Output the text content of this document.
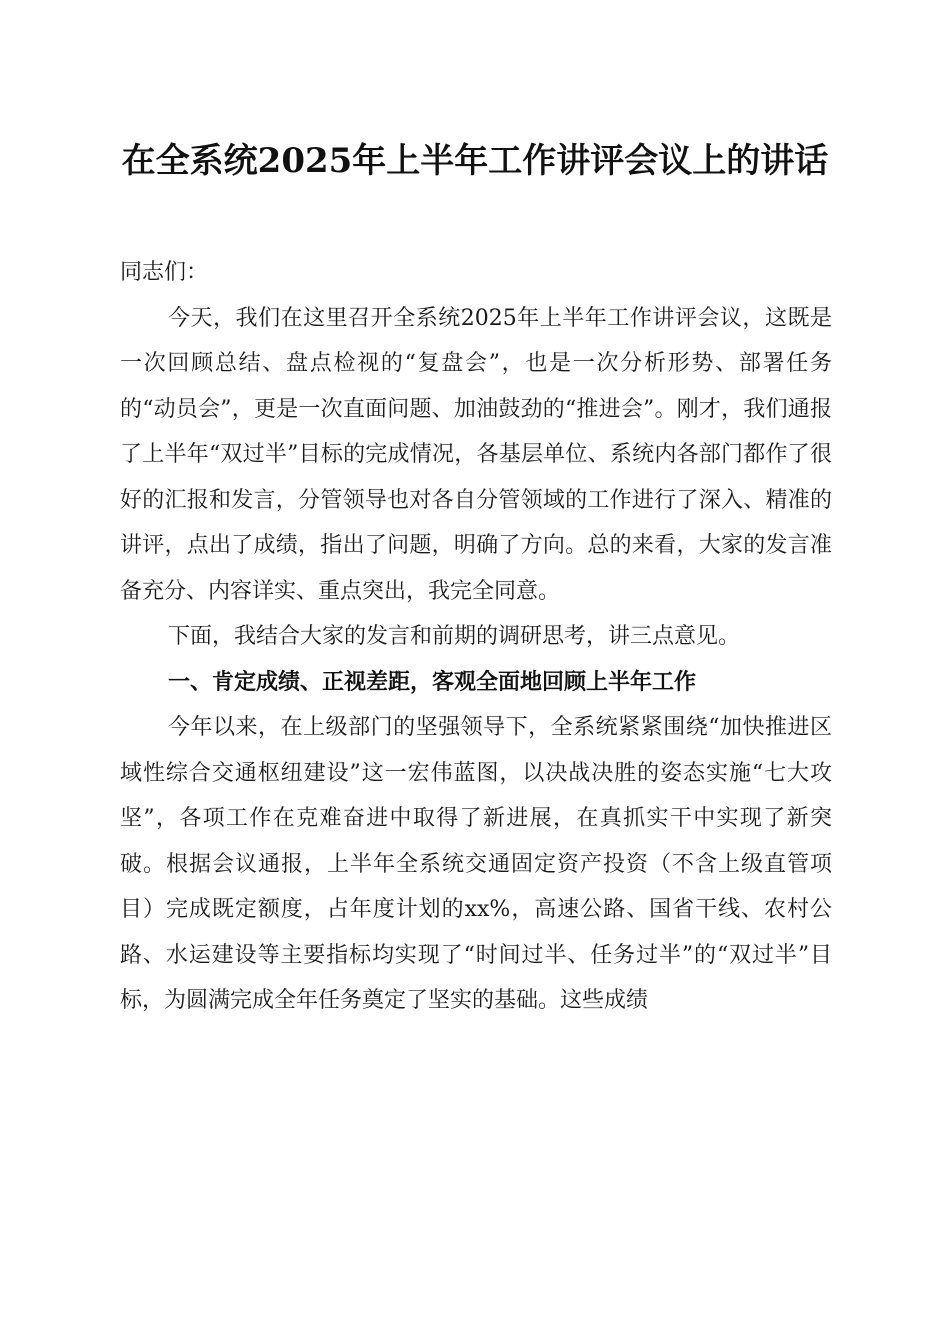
在全系统2025年上半年工作讲评会议上的讲话

同志们：

今天，我们在这里召开全系统2025年上半年工作讲评会议，这既是一次回顾总结、盘点检视的“复盘会”，也是一次分析形势、部署任务的“动员会”，更是一次直面问题、加油鼓劲的“推进会”。刚才，我们通报了上半年“双过半”目标的完成情况，各基层单位、系统内各部门都作了很好的汇报和发言，分管领导也对各自分管领域的工作进行了深入、精准的讲评，点出了成绩，指出了问题，明确了方向。总的来看，大家的发言准备充分、内容详实、重点突出，我完全同意。

下面，我结合大家的发言和前期的调研思考，讲三点意见。

一、肯定成绩、正视差距，客观全面地回顾上半年工作

今年以来，在上级部门的坚强领导下，全系统紧紧围绕“加快推进区域性综合交通枢纽建设”这一宏伟蓝图，以决战决胜的姿态实施“七大攻坚”，各项工作在克难奋进中取得了新进展，在真抓实干中实现了新突破。根据会议通报，上半年全系统交通固定资产投资（不含上级直管项目）完成既定额度，占年度计划的xx%，高速公路、国省干线、农村公路、水运建设等主要指标均实现了“时间过半、任务过半”的“双过半”目标，为圆满完成全年任务奠定了坚实的基础。这些成绩
